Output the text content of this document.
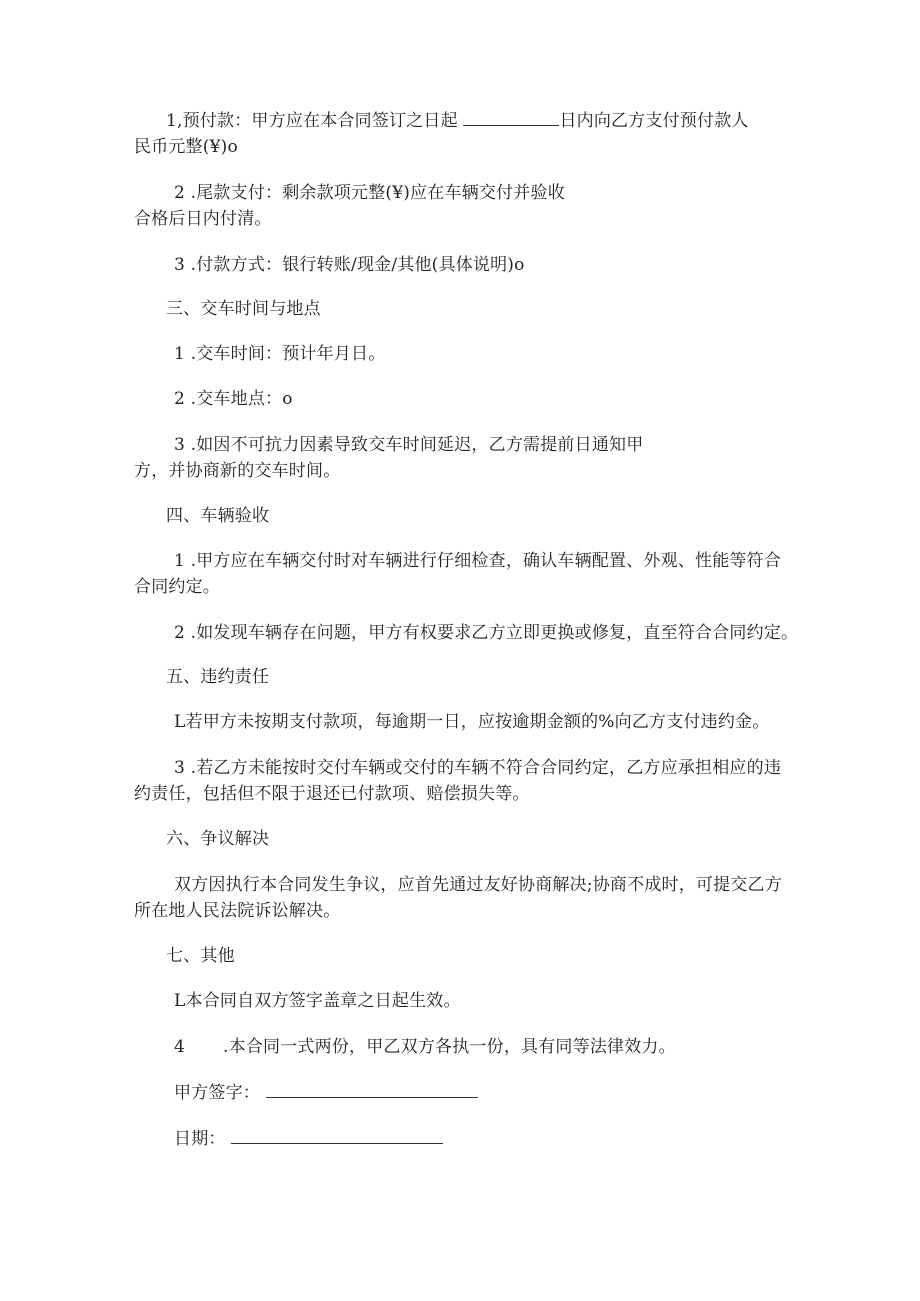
1,预付款：甲方应在本合同签订之日起	日内向乙方支付预付款人
民币元整(¥)o
2 .尾款支付：剩余款项元整(¥)应在车辆交付并验收
合格后日内付清。
3 .付款方式：银行转账/现金/其他(具体说明)o
三、交车时间与地点
1 .交车时间：预计年月日。
2 .交车地点：o
3 .如因不可抗力因素导致交车时间延迟，乙方需提前日通知甲
方，并协商新的交车时间。
四、车辆验收
1 .甲方应在车辆交付时对车辆进行仔细检查，确认车辆配置、外观、性能等符合
合同约定。
2 .如发现车辆存在问题，甲方有权要求乙方立即更换或修复，直至符合合同约定。
五、违约责任
L若甲方未按期支付款项，每逾期一日，应按逾期金额的%向乙方支付违约金。
3 .若乙方未能按时交付车辆或交付的车辆不符合合同约定，乙方应承担相应的违
约责任，包括但不限于退还已付款项、赔偿损失等。
六、争议解决
双方因执行本合同发生争议，应首先通过友好协商解决;协商不成时，可提交乙方
所在地人民法院诉讼解决。
七、其他
L本合同自双方签字盖章之日起生效。
4 .本合同一式两份，甲乙双方各执一份，具有同等法律效力。
甲方签字：
日期：
